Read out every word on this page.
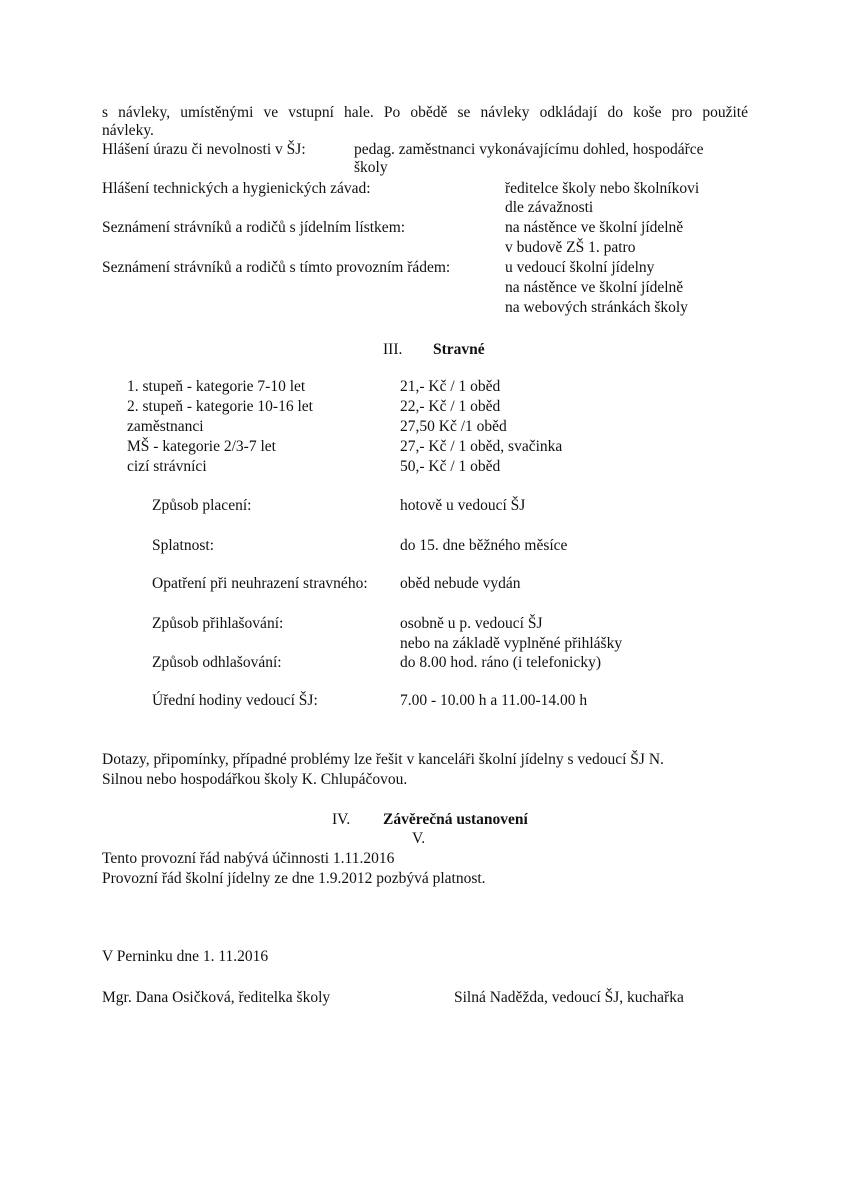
s návleky, umístěnými ve vstupní hale. Po obědě se návleky odkládají do koše pro použité
návleky.
Hlášení úrazu či nevolnosti v ŠJ:	pedag. zaměstnanci vykonávajícímu dohled, hospodářce
školy
Hlášení technických a hygienických závad:	ředitelce školy nebo školníkovi
dle závažnosti
Seznámení strávníků a rodičů s jídelním lístkem:	na nástěnce ve školní jídelně
v budově ZŠ 1. patro
Seznámení strávníků a rodičů s tímto provozním řádem:	u vedoucí školní jídelny
na nástěnce ve školní jídelně
na webových stránkách školy
III. Stravné
1. stupeň - kategorie 7-10 let	21,- Kč / 1 oběd
2. stupeň - kategorie 10-16 let	22,- Kč / 1 oběd
zaměstnanci	27,50 Kč /1 oběd
MŠ - kategorie 2/3-7 let	27,- Kč / 1 oběd, svačinka
cizí strávníci	50,- Kč / 1 oběd
Způsob placení:	hotově u vedoucí ŠJ
Splatnost:	do 15. dne běžného měsíce
Opatření při neuhrazení stravného: oběd nebude vydán
Způsob přihlašování:	osobně u p. vedoucí ŠJ
nebo na základě vyplněné přihlášky
Způsob odhlašování:	do 8.00 hod. ráno (i telefonicky)
Úřední hodiny vedoucí ŠJ:	7.00 - 10.00 h a 11.00-14.00 h
Dotazy, připomínky, případné problémy lze řešit v kanceláři školní jídelny s vedoucí ŠJ N.
Silnou nebo hospodářkou školy K. Chlupáčovou.
IV. Závěrečná ustanovení
V.
Tento provozní řád nabývá účinnosti 1.11.2016
Provozní řád školní jídelny ze dne 1.9.2012 pozbývá platnost.
V Perninku dne 1. 11.2016
Mgr. Dana Osičková, ředitelka školy	Silná Naděžda, vedoucí ŠJ, kuchařka
